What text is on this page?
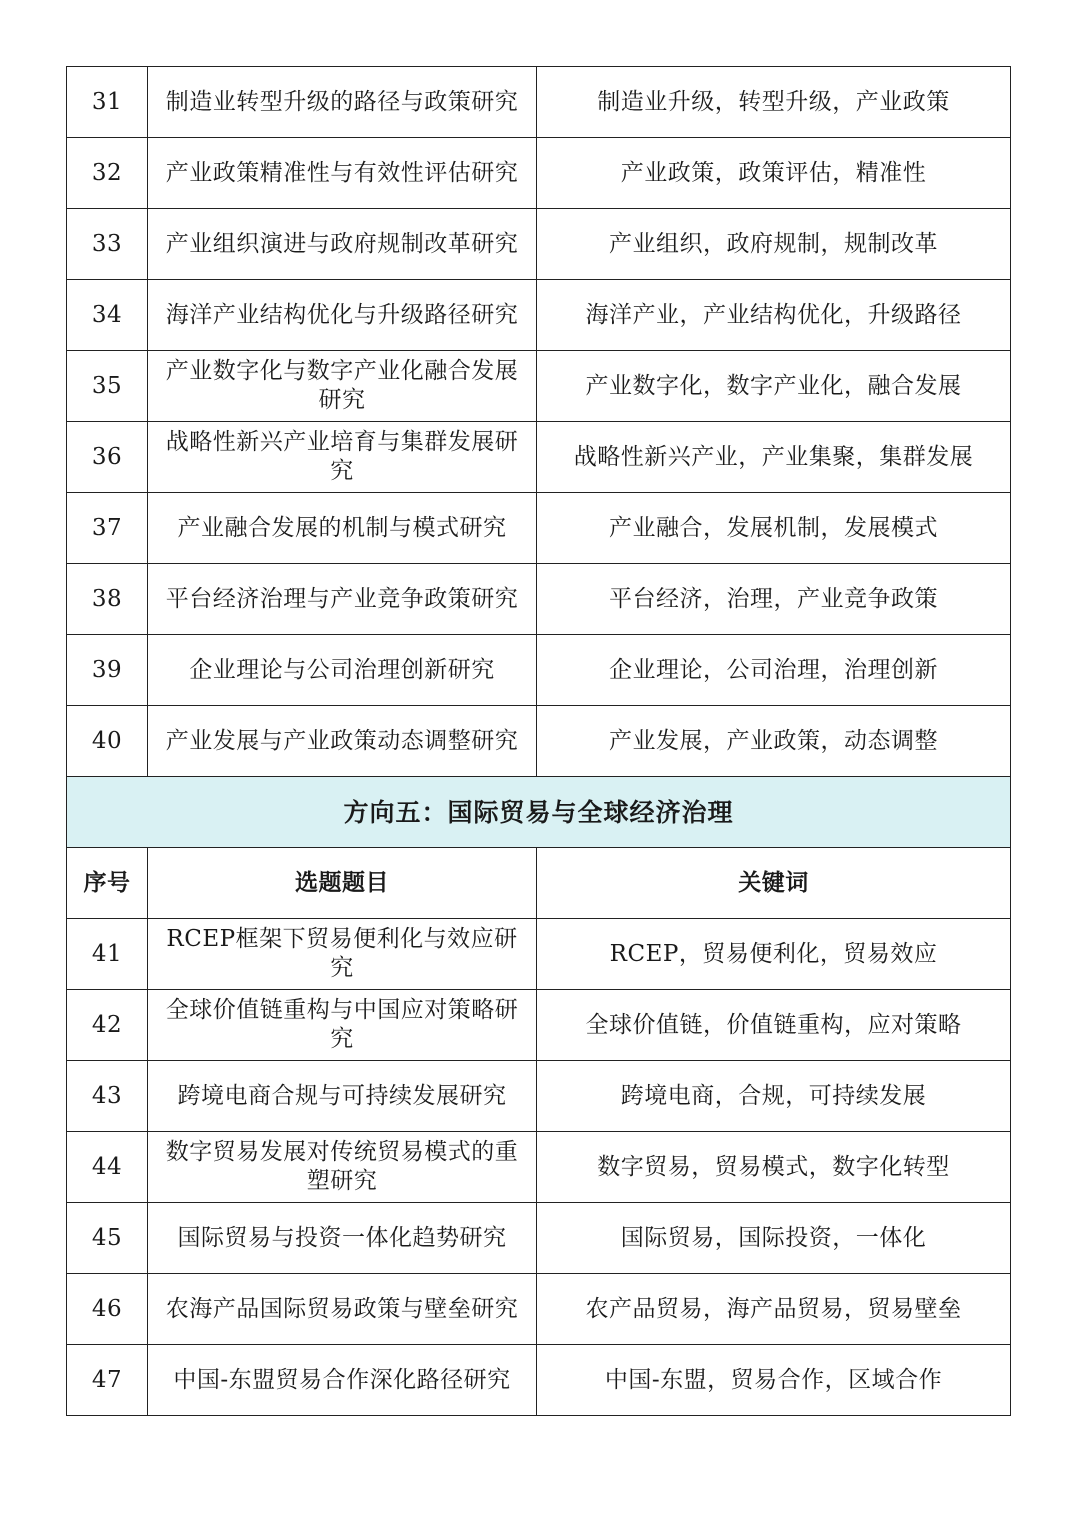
31	制造业转型升级的路径与政策研究	制造业升级，转型升级，产业政策
32	产业政策精准性与有效性评估研究	产业政策，政策评估，精准性
33	产业组织演进与政府规制改革研究	产业组织，政府规制，规制改革
34	海洋产业结构优化与升级路径研究	海洋产业，产业结构优化，升级路径
35	产业数字化与数字产业化融合发展研究	产业数字化，数字产业化，融合发展
36	战略性新兴产业培育与集群发展研究	战略性新兴产业，产业集聚，集群发展
37	产业融合发展的机制与模式研究	产业融合，发展机制，发展模式
38	平台经济治理与产业竞争政策研究	平台经济，治理，产业竞争政策
39	企业理论与公司治理创新研究	企业理论，公司治理，治理创新
40	产业发展与产业政策动态调整研究	产业发展，产业政策，动态调整
方向五：国际贸易与全球经济治理		
序号	选题题目	关键词
41	RCEP框架下贸易便利化与效应研究	RCEP，贸易便利化，贸易效应
42	全球价值链重构与中国应对策略研究	全球价值链，价值链重构，应对策略
43	跨境电商合规与可持续发展研究	跨境电商，合规，可持续发展
44	数字贸易发展对传统贸易模式的重塑研究	数字贸易，贸易模式，数字化转型
45	国际贸易与投资一体化趋势研究	国际贸易，国际投资，一体化
46	农海产品国际贸易政策与壁垒研究	农产品贸易，海产品贸易，贸易壁垒
47	中国-东盟贸易合作深化路径研究	中国-东盟，贸易合作，区域合作
